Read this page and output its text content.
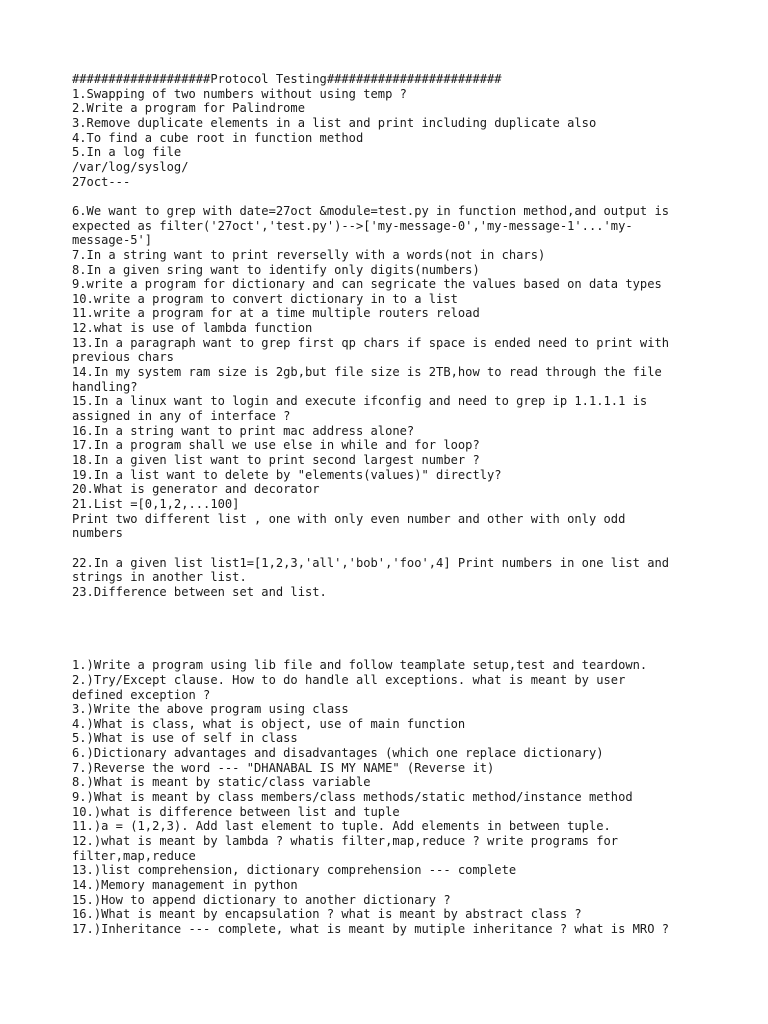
###################Protocol Testing########################
1.Swapping of two numbers without using temp ?
2.Write a program for Palindrome
3.Remove duplicate elements in a list and print including duplicate also
4.To find a cube root in function method
5.In a log file
/var/log/syslog/
27oct---
6.We want to grep with date=27oct &module=test.py in function method,and output is
expected as filter('27oct','test.py')-->['my-message-0','my-message-1'...'my-
message-5']
7.In a string want to print reverselly with a words(not in chars)
8.In a given sring want to identify only digits(numbers)
9.write a program for dictionary and can segricate the values based on data types
10.write a program to convert dictionary in to a list
11.write a program for at a time multiple routers reload
12.what is use of lambda function
13.In a paragraph want to grep first qp chars if space is ended need to print with
previous chars
14.In my system ram size is 2gb,but file size is 2TB,how to read through the file
handling?
15.In a linux want to login and execute ifconfig and need to grep ip 1.1.1.1 is
assigned in any of interface ?
16.In a string want to print mac address alone?
17.In a program shall we use else in while and for loop?
18.In a given list want to print second largest number ?
19.In a list want to delete by "elements(values)" directly?
20.What is generator and decorator
21.List =[0,1,2,...100]
Print two different list , one with only even number and other with only odd
numbers
22.In a given list list1=[1,2,3,'all','bob','foo',4] Print numbers in one list and
strings in another list.
23.Difference between set and list.
1.)Write a program using lib file and follow teamplate setup,test and teardown.
2.)Try/Except clause. How to do handle all exceptions. what is meant by user
defined exception ?
3.)Write the above program using class
4.)What is class, what is object, use of main function
5.)What is use of self in class
6.)Dictionary advantages and disadvantages (which one replace dictionary)
7.)Reverse the word --- "DHANABAL IS MY NAME" (Reverse it)
8.)What is meant by static/class variable
9.)What is meant by class members/class methods/static method/instance method
10.)what is difference between list and tuple
11.)a = (1,2,3). Add last element to tuple. Add elements in between tuple.
12.)what is meant by lambda ? whatis filter,map,reduce ? write programs for
filter,map,reduce
13.)list comprehension, dictionary comprehension --- complete
14.)Memory management in python
15.)How to append dictionary to another dictionary ?
16.)What is meant by encapsulation ? what is meant by abstract class ?
17.)Inheritance --- complete, what is meant by mutiple inheritance ? what is MRO ?
